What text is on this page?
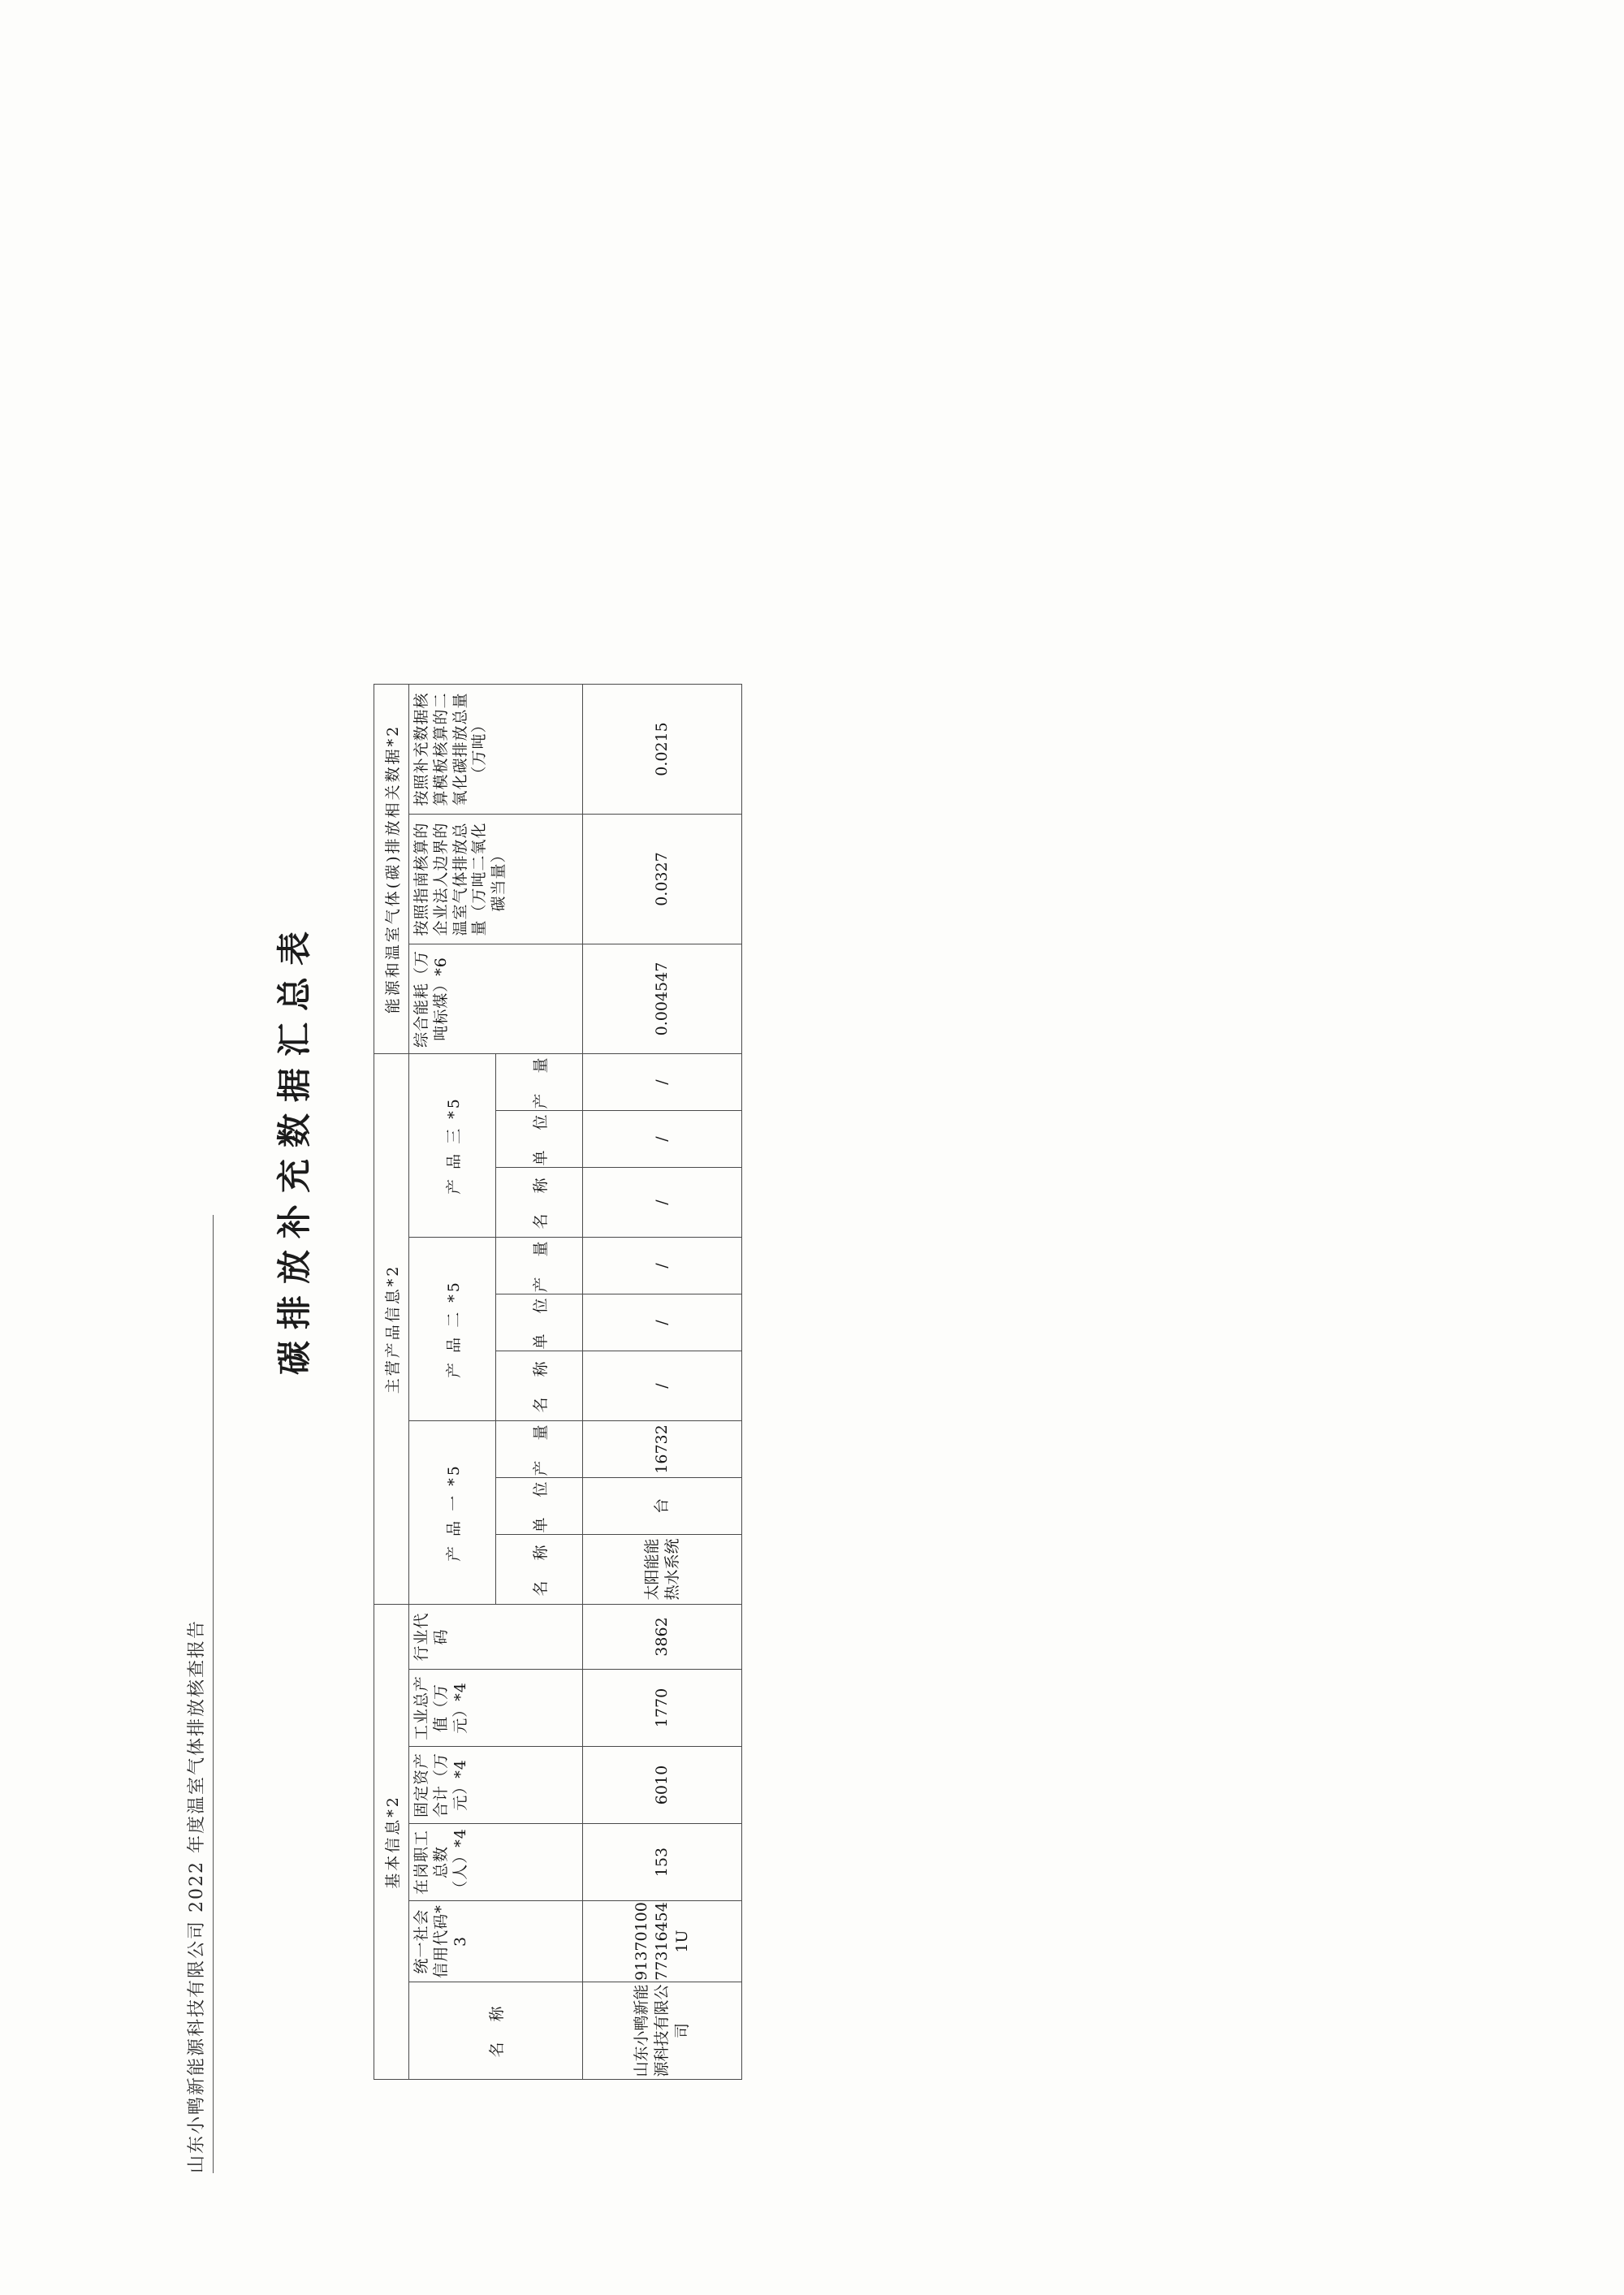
山东小鸭新能源科技有限公司 2022 年度温室气体排放核查报告
碳排放补充数据汇总表
基本信息*2						主营产品信息*2									能源和温室气体(碳)排放相关数据*2		
名　称	统一社会信用代码*3	在岗职工总数（人）*4	固定资产合计（万元）*4	工业总产值（万元）*4	行业代码	产 品 一 *5			产 品 二 *5			产 品 三 *5			综合能耗（万吨标煤）*6	按照指南核算的企业法人边界的温室气体排放总量（万吨二氧化碳当量）	按照补充数据核算模板核算的二氧化碳排放总量（万吨）

						名　称	单　位	产　量	名　称	单　位	产　量	名　称	单　位	产　量			
山东小鸭新能源科技有限公司	91370100773164541U	153	6010	1770	3862	太阳能能热水系统	台	16732	/	/	/	/	/	/	0.004547	0.0327	0.0215
